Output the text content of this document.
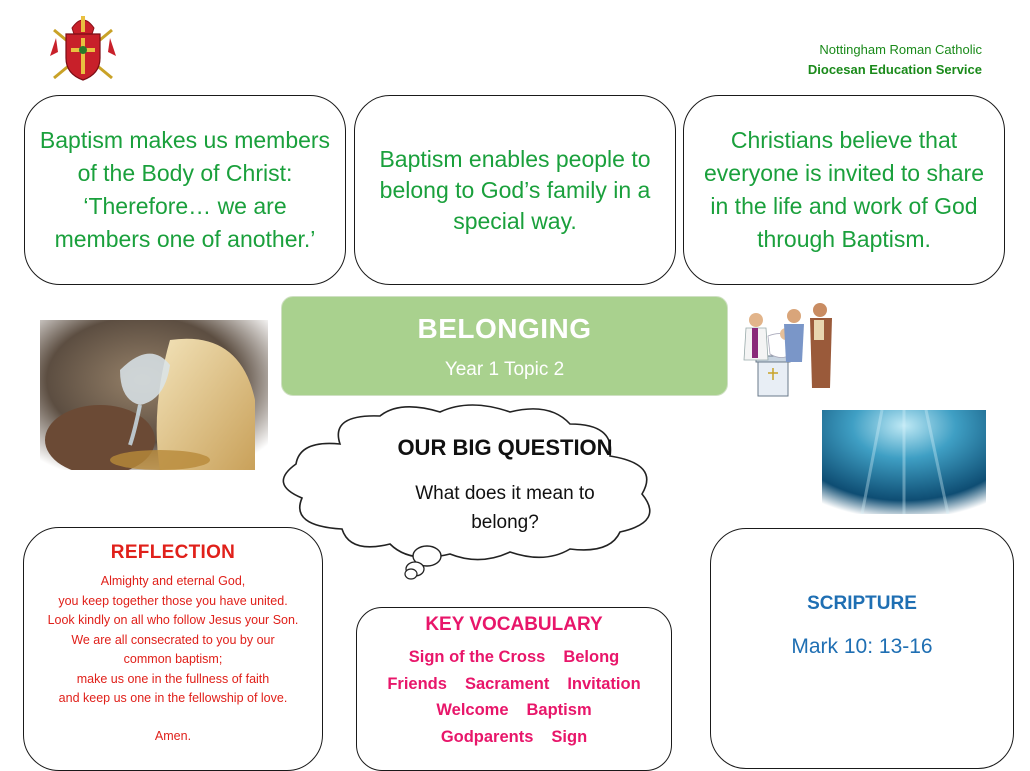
Nottingham Roman Catholic
Diocesan Education Service
Baptism makes us members
of the Body of Christ:
‘Therefore… we are
members one of another.’
Baptism enables people to
belong to God’s family in a
special way.
Christians believe that
everyone is invited to share
in the life and work of God
through Baptism.
BELONGING
Year 1 Topic 2
OUR BIG QUESTION
What does it mean to
belong?
REFLECTION
Almighty and eternal God,
you keep together those you have united.
Look kindly on all who follow Jesus your Son.
We are all consecrated to you by our
common baptism;
make us one in the fullness of faith
and keep us one in the fellowship of love.
Amen.
KEY VOCABULARY
Sign of the Cross Belong
Friends Sacrament Invitation
Welcome Baptism
Godparents Sign
SCRIPTURE
Mark 10: 13-16
